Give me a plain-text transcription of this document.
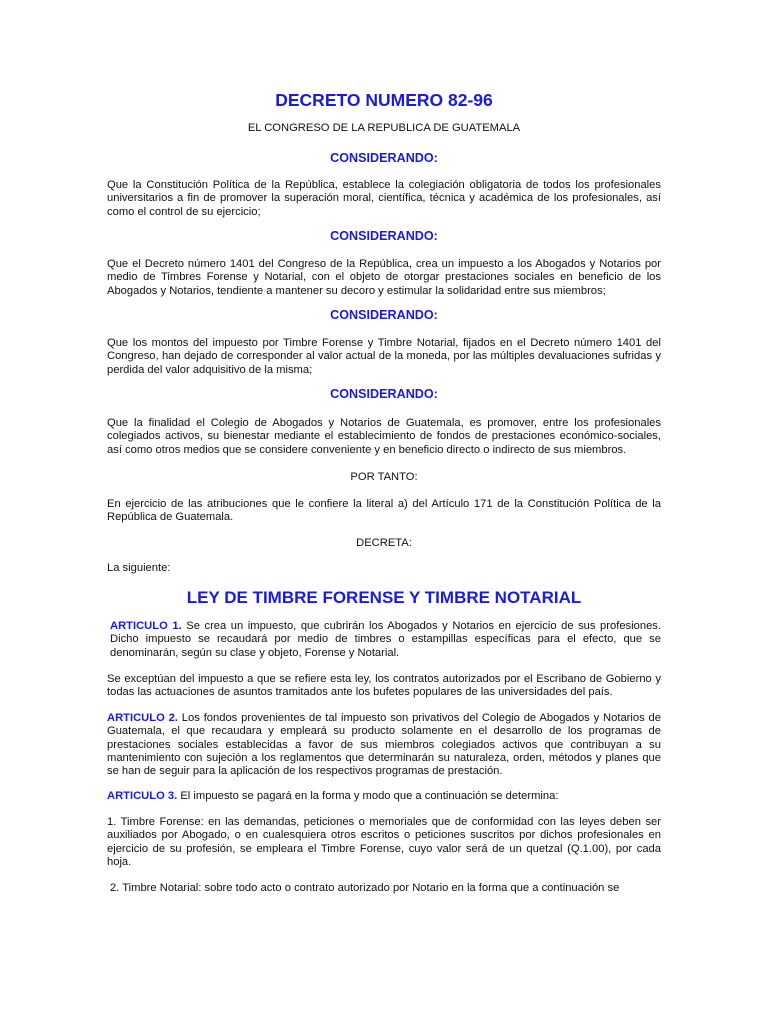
DECRETO NUMERO 82-96
EL CONGRESO DE LA REPUBLICA DE GUATEMALA
CONSIDERANDO:
Que la Constitución Política de la República, establece la colegiación obligatoria de todos los profesionales universitarios a fin de promover la superación moral, científica, técnica y académica de los profesionales, así como el control de su ejercicio;
CONSIDERANDO:
Que el Decreto número 1401 del Congreso de la República, crea un impuesto a los Abogados y Notarios por medio de Timbres Forense y Notarial, con el objeto de otorgar prestaciones sociales en beneficio de los Abogados y Notarios, tendiente a mantener su decoro y estimular la solidaridad entre sus miembros;
CONSIDERANDO:
Que los montos del impuesto por Timbre Forense y Timbre Notarial, fijados en el Decreto número 1401 del Congreso, han dejado de corresponder al valor actual de la moneda, por las múltiples devaluaciones sufridas y perdida del valor adquisitivo de la misma;
CONSIDERANDO:
Que la finalidad el Colegio de Abogados y Notarios de Guatemala, es promover, entre los profesionales colegiados activos, su bienestar mediante el establecimiento de fondos de prestaciones económico-sociales, así como otros medios que se considere conveniente y en beneficio directo o indirecto de sus miembros.
POR TANTO:
En ejercicio de las atribuciones que le confiere la literal a) del Artículo 171 de la Constitución Política de la República de Guatemala.
DECRETA:
La siguiente:
LEY DE TIMBRE FORENSE Y TIMBRE NOTARIAL
ARTICULO 1. Se crea un impuesto, que cubrirán los Abogados y Notarios en ejercicio de sus profesiones. Dicho impuesto se recaudará por medio de timbres o estampillas específicas para el efecto, que se denominarán, según su clase y objeto, Forense y Notarial.
Se exceptúan del impuesto a que se refiere esta ley, los contratos autorizados por el Escribano de Gobierno y todas las actuaciones de asuntos tramitados ante los bufetes populares de las universidades del país.
ARTICULO 2. Los fondos provenientes de tal impuesto son privativos del Colegio de Abogados y Notarios de Guatemala, el que recaudara y empleará su producto solamente en el desarrollo de los programas de prestaciones sociales establecidas a favor de sus miembros colegiados activos que contribuyan a su mantenimiento con sujeción a los reglamentos que determinarán su naturaleza, orden, métodos y planes que se han de seguir para la aplicación de los respectivos programas de prestación.
ARTICULO 3. El impuesto se pagará en la forma y modo que a continuación se determina:
1. Timbre Forense: en las demandas, peticiones o memoriales que de conformidad con las leyes deben ser auxiliados por Abogado, o en cualesquiera otros escritos o peticiones suscritos por dichos profesionales en ejercicio de su profesión, se empleara el Timbre Forense, cuyo valor será de un quetzal (Q.1.00), por cada hoja.
2. Timbre Notarial: sobre todo acto o contrato autorizado por Notario en la forma que a continuación se
